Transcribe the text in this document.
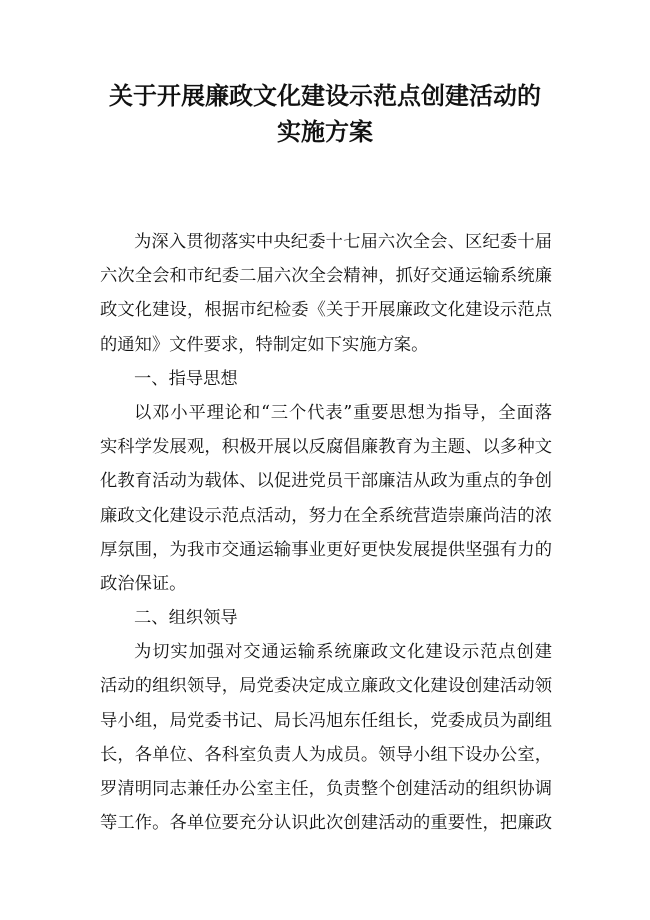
关于开展廉政文化建设示范点创建活动的
实施方案
为深入贯彻落实中央纪委十七届六次全会、区纪委十届
六次全会和市纪委二届六次全会精神，抓好交通运输系统廉
政文化建设，根据市纪检委《关于开展廉政文化建设示范点
的通知》文件要求，特制定如下实施方案。
一、指导思想
以邓小平理论和“三个代表”重要思想为指导，全面落
实科学发展观，积极开展以反腐倡廉教育为主题、以多种文
化教育活动为载体、以促进党员干部廉洁从政为重点的争创
廉政文化建设示范点活动，努力在全系统营造崇廉尚洁的浓
厚氛围，为我市交通运输事业更好更快发展提供坚强有力的
政治保证。
二、组织领导
为切实加强对交通运输系统廉政文化建设示范点创建
活动的组织领导，局党委决定成立廉政文化建设创建活动领
导小组，局党委书记、局长冯旭东任组长，党委成员为副组
长，各单位、各科室负责人为成员。领导小组下设办公室，
罗清明同志兼任办公室主任，负责整个创建活动的组织协调
等工作。各单位要充分认识此次创建活动的重要性，把廉政
